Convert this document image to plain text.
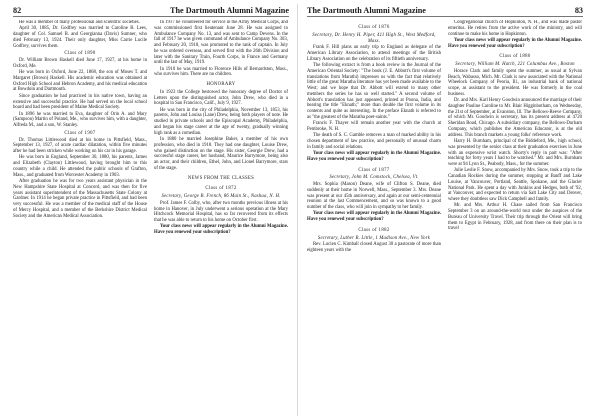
82	The Dartmouth Alumni Magazine

He was a member of many professional and scientific societies.

April 30, 1885, Dr. Godfrey was married to Caroline B. Lees, daughter of Col. Samuel B. and Georgianna (Davis) Sumner, who died February 13, 1924. Their only daughter, Miss Carrie Lucile Godfrey, survives them.

Class of 1890

Dr. William Brown Haskell died June 17, 1927, at his home in Oxford, Me.

He was born in Oxford, June 22, 1868, the son of Moses T. and Margaret (Brown) Haskell. His academic education was obtained at Oxford High School and Hebron Academy, and his medical education at Bowdoin and Dartmouth.

Since graduation he had practiced in his native town, having an extensive and successful practice. He had served on the local school board and had been president of Maine Medical Society.

In 1896 he was married to Eva, daughter of Orin A. and Mary (Sampson) Martin of Poland, Me., who survives him, with a daughter, Alfreda M., and a son, W. Stanley.

Class of 1907

Dr. Thomas Littlewood died at his home in Pittsfield, Mass., September 13, 1927, of acute cardiac dilatation, within five minutes after he had been stricken while working on his car in his garage.

He was born in England, September 30, 1880, his parents, James and Elizabeth (Clayton) Littlewood, having brought him to this country while a child. He attended the public schools of Grafton, Mass., and graduated from Worcester Academy in 1903.

After graduation he was for two years assistant physician in the New Hampshire State Hospital at Concord, and was then for five years assistant superintendent of the Massachusetts State Colony at Gardner. In 1914 he began private practice in Pittsfield, and had been very successful. He was a member of the medical staff of the House of Mercy Hospital, and a member of the Berkshire District Medical Society and the American Medical Association.

In 1917 he volunteered for service in the Army Medical Corps, and was commissioned first lieutenant June 28. He was assigned to Ambulance Company No. 13, and was sent to Camp Devens. In the fall of 1917 he was given command of Ambulance Company No. 303, and February 20, 1918, was promoted to the rank of captain. In July he was ordered overseas, and served first with the 26th Division and later with the Sanitary Train, Fourth Corps, in France and Germany until the last of May, 1919.

In 1910 he was married to Florence Hills of Bernardston, Mass., who survives him. There are no children.

HONORARY

In 1923 the College bestowed the honorary degree of Doctor of Letters upon the distinguished actor, John Drew, who died in a hospital in San Francisco, Calif., July 9, 1927.

He was born in the city of Philadelphia, November 13, 1853, his parents, John and Louisa (Lane) Drew, being both players of note. He studied in private schools and the Episcopal Academy, Philadelphia, and began his stage career at the age of twenty, gradually winning high rank as a comedian.

In 1880 he married Josephine Baker, a member of his own profession, who died in 1918. They had one daughter, Louise Drew, who gained distinction on the stage. His sister, Georgie Drew, had a successful stage career, her husband, Maurice Barrymore, being also an actor, and their children, Ethel, John, and Lionel Barrymore, stars of the stage.

NEWS FROM THE CLASSES

Class of 1872

Secretary, George B. French, 86 Main St., Nashua, N. H.

Prof. James F. Colby, who, after two months previous illness at his home in Hanover, in July underwent a serious operation at the Mary Hitchcock Memorial Hospital, has so far recovered from its effects that he was able to return to his home on October first.

Your class news will appear regularly in the Alumni Magazine. Have you renewed your subscription?

The Dartmouth Alumni Magazine	83

Class of 1876

Secretary, Dr. Henry H. Piper, 411 High St., West Medford, Mass.

Frank F. Hill plans an early trip to England as delegate of the American Library Association, to attend meetings of the British Library Association on the celebration of its fiftieth anniversary.

The following extract is from a book review in the Journal of the American Oriental Society: "The book (J. E. Abbott's first volume of translations from Marathi) impresses us with the fact that relatively little of the great Maratha literature has yet been made available to the West; and we hope that Dr. Abbott will extend to many other members the series he has so well started." A second volume of Abbott's translation has just appeared, printed at Poona, India, and bearing the title "Eknath;" more than double the first volume in its contents and quite as interesting. In the preface Eknath is referred to as "the greatest of the Maratha poet-saints."

Francis F. Thayer will remain another year with the church at Pembroke, N. H.

The death of S. C. Gamble removes a man of marked ability in his chosen department of law practice, and personally of unusual charm in family and social relations.

Your class news will appear regularly in the Alumni Magazine. Have you renewed your subscription?

Class of 1877

Secretary, John M. Comstock, Chelsea, Vt.

Mrs. Sophia (Mason) Deane, wife of Clifton S. Deane, died suddenly at their home in Norwell, Mass., September 3. Mrs. Deane was present at our 45th anniversary, and again at our semi-centennial reunion at the last Commencement, and so was known to a good number of the class, who will join in sympathy to her family.

Your class news will appear regularly in the Alumni Magazine. Have you renewed your subscription?

Class of 1882

Secretary, Luther B. Little, 1 Madison Ave., New York

Rev. Lucien C. Kimball closed August 30 a pastorate of more than eighteen years with the

Congregational church of Hopkinton, N. H., and was made pastor emeritus. He retires from the active work of the ministry, and will continue to make his home in Hopkinton.

Your class news will appear regularly in the Alumni Magazine. Have you renewed your subscription?

Class of 1886

Secretary, William M. Hatch, 221 Columbus Ave., Boston

Horace Clark and family spent the summer, as usual at Sylvan Beach, Wabasso, Mich. Mr. Clark is now associated with the National Wheelock Company of Peoria, Ill., an industrial bank of national scope, as assistant to the president. He was formerly in the coal business.

Dr. and Mrs. Karl Henry Goodwin announced the marriage of their daughter Pauline Caroline to Mr. Blair Higginbotham, on Wednesday, the 21st of September, at Evanston, Ill. The Bellows-Reeve Company, of which Mr. Goodwin is secretary, has its present address at 4720 Sheridan Road, Chicago. A subsidiary company, the Bellows-Durham Company, which publishes the American Educator, is at the old address. This branch markets a young folks' reference work.

Harry H. Burnham, principal of the Biddeford, Me., high school, was presented by the senior class at their graduation exercises in June with an expensive wrist watch. Shorty's reply in part was: "After teaching for forty years I had to be watched." Mr. and Mrs. Burnham were at 94 Lynn St., Peabody, Mass., for the summer.

Julie Leslie F. Snow, accompanied by Mrs. Snow, took a trip to the Canadian Rockies during the summer, stopping at Banff and Lake Louise, at Vancouver, Portland, Seattle, Spokane, and the Glacier National Park. He spent a day with Junkins and Hedges, both of '92, at Vancouver, and expected to return via Salt Lake City and Denver, where they doubtless saw Dick Campbell and family.

Mr. and Mrs. Arthur H. Chase sailed from San Francisco September 3 on an around-the-world tour under the auspices of the Bureau of University Travel. Their trip through the Orient will bring them to Egypt in February, 1928, and from there on their plan is to travel
